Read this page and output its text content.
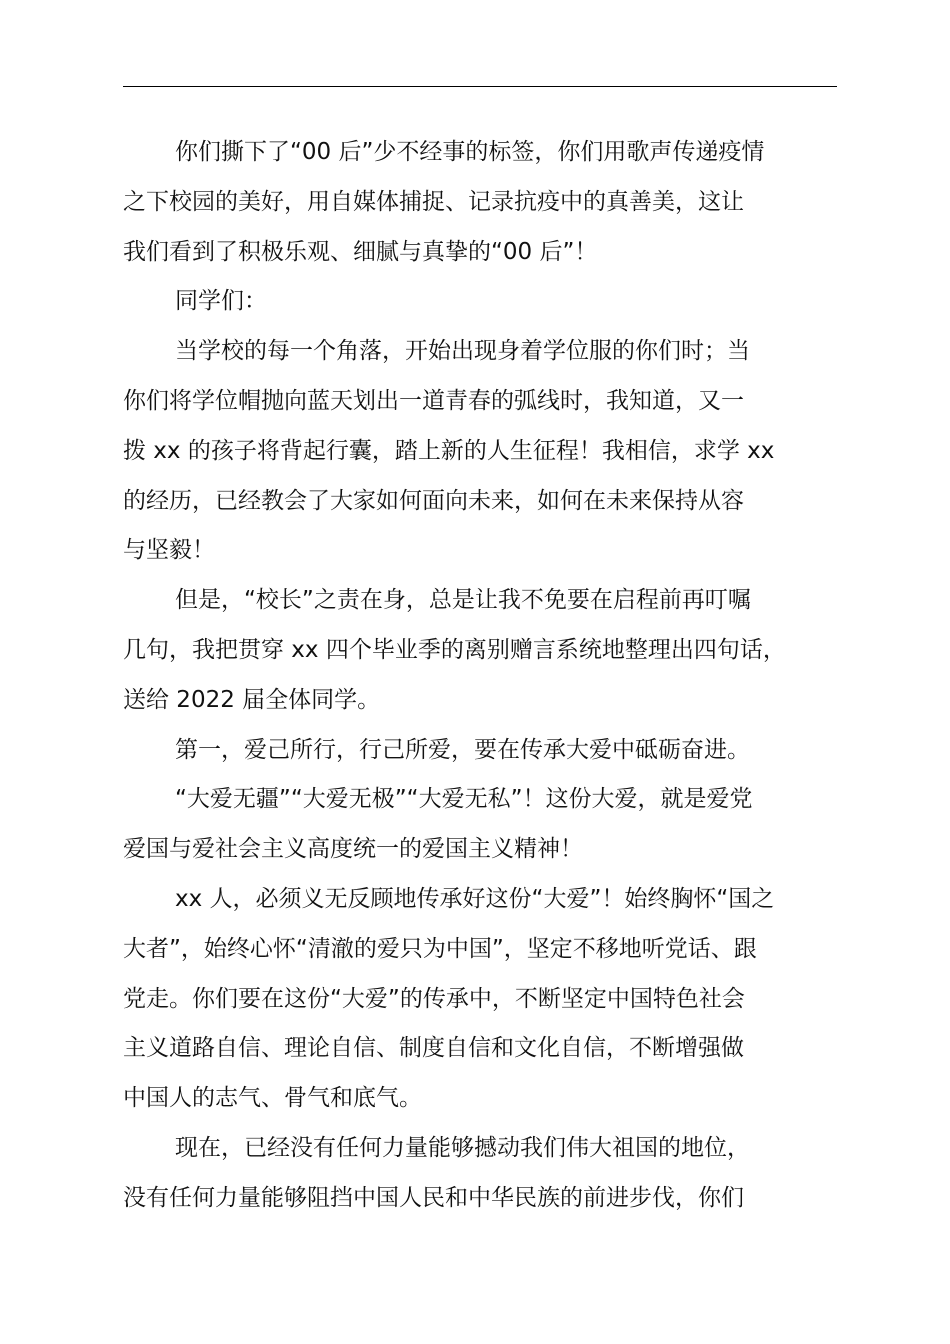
你们撕下了“00 后”少不经事的标签，你们用歌声传递疫情
之下校园的美好，用自媒体捕捉、记录抗疫中的真善美，这让
我们看到了积极乐观、细腻与真挚的“00 后”！
同学们：
当学校的每一个角落，开始出现身着学位服的你们时；当
你们将学位帽抛向蓝天划出一道青春的弧线时，我知道，又一
拨 xx 的孩子将背起行囊，踏上新的人生征程！我相信，求学 xx
的经历，已经教会了大家如何面向未来，如何在未来保持从容
与坚毅！
但是，“校长”之责在身，总是让我不免要在启程前再叮嘱
几句，我把贯穿 xx 四个毕业季的离别赠言系统地整理出四句话，
送给 2022 届全体同学。
第一，爱己所行，行己所爱，要在传承大爱中砥砺奋进。
“大爱无疆”“大爱无极”“大爱无私”！这份大爱，就是爱党
爱国与爱社会主义高度统一的爱国主义精神！
xx 人，必须义无反顾地传承好这份“大爱”！始终胸怀“国之
大者”，始终心怀“清澈的爱只为中国”，坚定不移地听党话、跟
党走。你们要在这份“大爱”的传承中，不断坚定中国特色社会
主义道路自信、理论自信、制度自信和文化自信，不断增强做
中国人的志气、骨气和底气。
现在，已经没有任何力量能够撼动我们伟大祖国的地位，
没有任何力量能够阻挡中国人民和中华民族的前进步伐，你们
